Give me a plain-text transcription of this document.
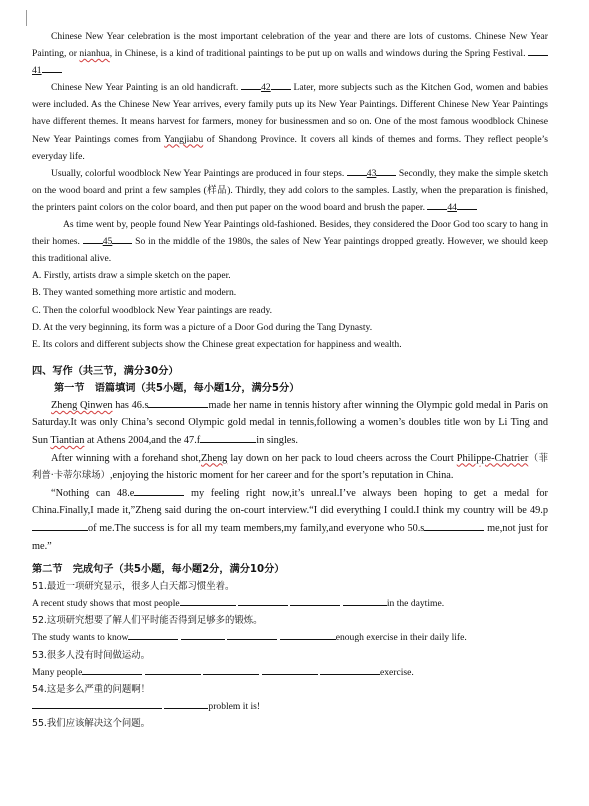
Chinese New Year celebration is the most important celebration of the year and there are lots of customs. Chinese New Year Painting, or nianhua, in Chinese, is a kind of traditional paintings to be put up on walls and windows during the Spring Festival. 41

Chinese New Year Painting is an old handicraft. 42 Later, more subjects such as the Kitchen God, women and babies were included. As the Chinese New Year arrives, every family puts up its New Year Paintings. Different Chinese New Year Paintings have different themes. It means harvest for farmers, money for businessmen and so on. One of the most famous woodblock Chinese New Year Paintings comes from Yangjiabu of Shandong Province. It covers all kinds of themes and forms. They reflect people’s everyday life.

Usually, colorful woodblock New Year Paintings are produced in four steps. 43 Secondly, they make the simple sketch on the wood board and print a few samples (样品). Thirdly, they add colors to the samples. Lastly, when the preparation is finished, the printers paint colors on the color board, and then put paper on the wood board and brush the paper. 44

As time went by, people found New Year Paintings old-fashioned. Besides, they considered the Door God too scary to hang in their homes. 45 So in the middle of the 1980s, the sales of New Year paintings dropped greatly. However, we should keep this traditional alive.

A. Firstly, artists draw a simple sketch on the paper.

B. They wanted something more artistic and modern.

C. Then the colorful woodblock New Year paintings are ready.

D. At the very beginning, its form was a picture of a Door God during the Tang Dynasty.

E. Its colors and different subjects show the Chinese great expectation for happiness and wealth.

四、写作（共三节，满分30分）

第一节　语篇填词（共5小题，每小题1分，满分5分）

Zheng Qinwen has 46.s	made her name in tennis history after winning the Olympic gold medal in Paris on Saturday.It was only China’s second Olympic gold medal in tennis,following a women’s doubles title won by Li Ting and Sun Tiantian at Athens 2004,and the 47.f	in singles.

After winning with a forehand shot,Zheng lay down on her pack to loud cheers across the Court Philippe-Chatrier（菲利普·卡蒂尔球场）,enjoying the historic moment for her career and for the sport’s reputation in China.

“Nothing can 48.e	my feeling right now,it’s unreal.I’ve always been hoping to get a medal for China.Finally,I made it,”Zheng said during the on-court interview.“I did everything I could.I think my country will be 49.pof me.The success is for all my team members,my family,and everyone who 50.s	me,not just for me.”

第二节　完成句子（共5小题，每小题2分，满分10分）

51.最近一项研究显示，很多人白天都习惯坐着。

A recent study shows that most people	in the daytime.

52.这项研究想要了解人们平时能否得到足够多的锻炼。

The study wants to know	enough exercise in their daily life.

53.很多人没有时间做运动。

Many people	exercise.

54.这是多么严重的问题啊！

problem it is!

55.我们应该解决这个问题。
